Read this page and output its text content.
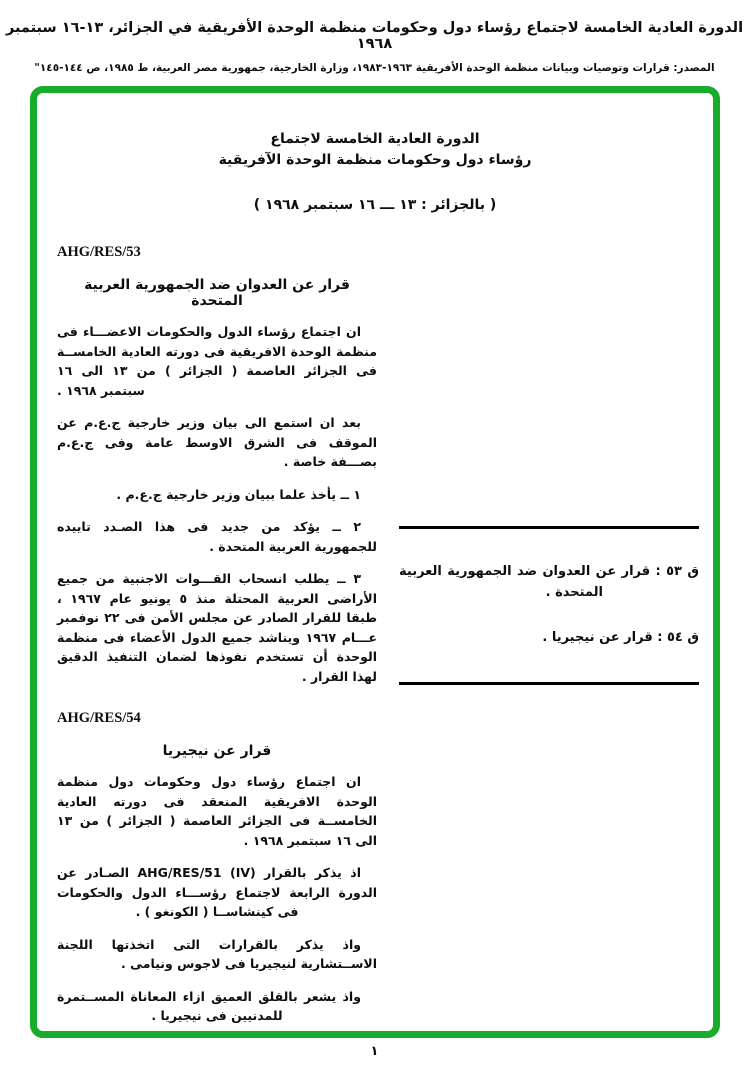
الدورة العادية الخامسة لاجتماع رؤساء دول وحكومات منظمة الوحدة الأفريقية في الجزائر، ١٣-١٦ سبتمبر ١٩٦٨
المصدر: قرارات وتوصيات وبيانات منظمة الوحدة الأفريقية ١٩٦٣-١٩٨٣، وزارة الخارجية، جمهورية مصر العربية، ط ١٩٨٥، ص ١٤٤-١٤٥"
الدورة العادية الخامسة لاجتماع
رؤساء دول وحكومات منظمة الوحدة الآفريقية
( بالجزائر : ١٣ ـــ ١٦ سبتمبر ١٩٦٨ )
AHG/RES/53
قرار عن العدوان ضد الجمهورية العربية المتحدة

ان اجتماع رؤساء الدول والحكومات الاعضـــاء فى منظمة الوحدة الافريقية فى دورته العادية الخامســة فى الجزائر العاصمة ( الجزائر ) من ١٣ الى ١٦ سبتمبر ١٩٦٨ .

بعد ان استمع الى بيان وزير خارجية ج.ع.م عن الموقف فى الشرق الاوسط عامة وفى ج.ع.م بصـــفة خاصة .

١ ــ يأخذ علما ببيان وزير خارجية ج.ع.م .

٢ ــ يؤكد من جديد فى هذا الصـدد تاييده للجمهورية العربية المتحدة .

٣ ــ يطلب انسحاب القـــوات الاجنبية من جميع الأراضى العربية المحتلة منذ ٥ يونيو عام ١٩٦٧ ، طبقا للقرار الصادر عن مجلس الأمن فى ٢٢ نوفمبر عـــام ١٩٦٧ ويناشد جميع الدول الأعضاء فى منظمة الوحدة أن تستخدم نفوذها لضمان التنفيذ الدقيق لهذا القرار .

AHG/RES/54
قرار عن نيجيريا

ان اجتماع رؤساء دول وحكومات دول منظمة الوحدة الافريقية المنعقد فى دورته العادية الخامســة فى الجزائر العاصمة ( الجزائر ) من ١٣ الى ١٦ سبتمبر ١٩٦٨ .

اذ يذكر بالقرار AHG/RES/51 (IV) الصـادر عن الدورة الرابعة لاجتماع رؤســـاء الدول والحكومات فى كينشاســا ( الكونغو ) .

واذ يذكر بالقرارات التى اتخذتها اللجنة الاســتشارية لنيجيريا فى لاجوس ونيامى .

واذ يشعر بالقلق العميق ازاء المعاناة المســتمرة للمدنيين فى نيجيريا .

ق ٥٣ : قرار عن العدوان ضد الجمهورية العربية المتحدة .

ق ٥٤ : قرار عن نيجيريا .

١
